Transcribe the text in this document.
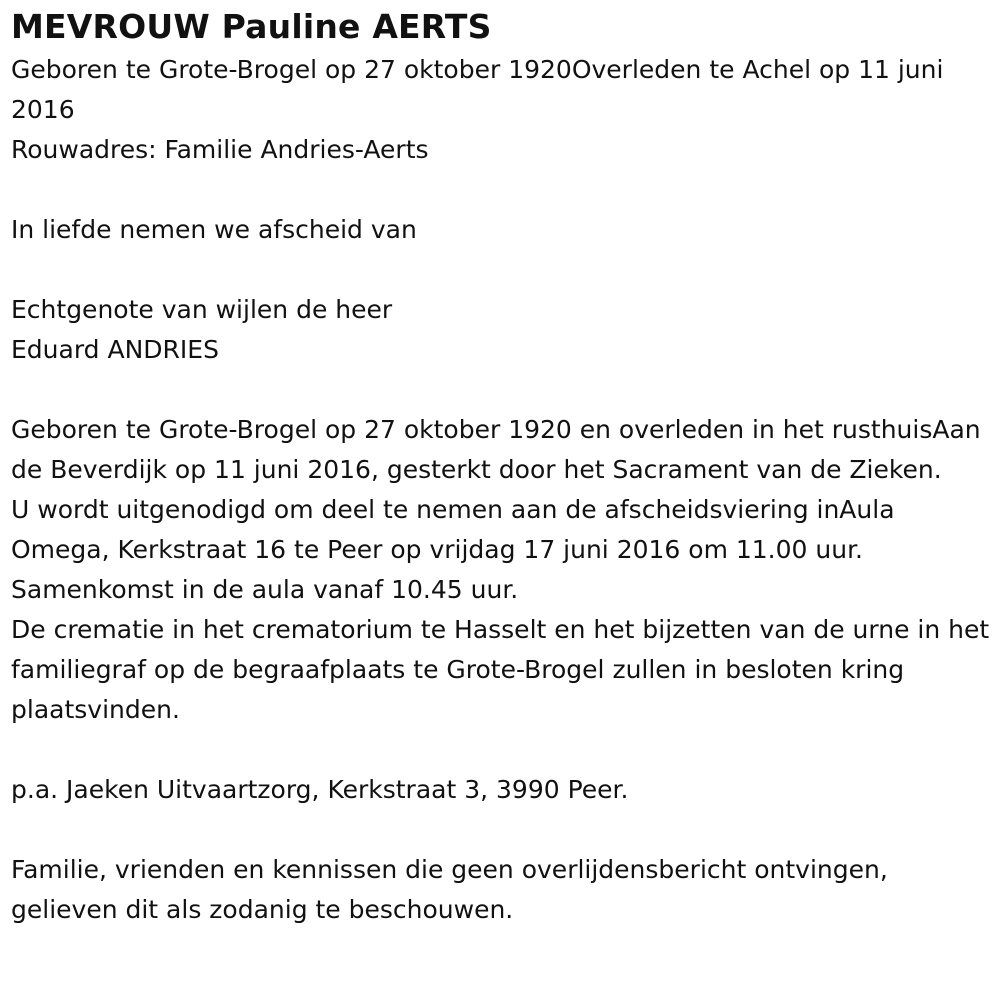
MEVROUW Pauline AERTS

Geboren te Grote-Brogel op 27 oktober 1920Overleden te Achel op 11 juni 2016

Rouwadres: Familie Andries-Aerts

In liefde nemen we afscheid van

Echtgenote van wijlen de heer

Eduard ANDRIES

Geboren te Grote-Brogel op 27 oktober 1920 en overleden in het rusthuisAan de Beverdijk op 11 juni 2016, gesterkt door het Sacrament van de Zieken.

U wordt uitgenodigd om deel te nemen aan de afscheidsviering inAula Omega, Kerkstraat 16 te Peer op vrijdag 17 juni 2016 om 11.00 uur.

Samenkomst in de aula vanaf 10.45 uur.

De crematie in het crematorium te Hasselt en het bijzetten van de urne in het familiegraf op de begraafplaats te Grote-Brogel zullen in besloten kring plaatsvinden.

p.a. Jaeken Uitvaartzorg, Kerkstraat 3, 3990 Peer.

Familie, vrienden en kennissen die geen overlijdensbericht ontvingen, gelieven dit als zodanig te beschouwen.
